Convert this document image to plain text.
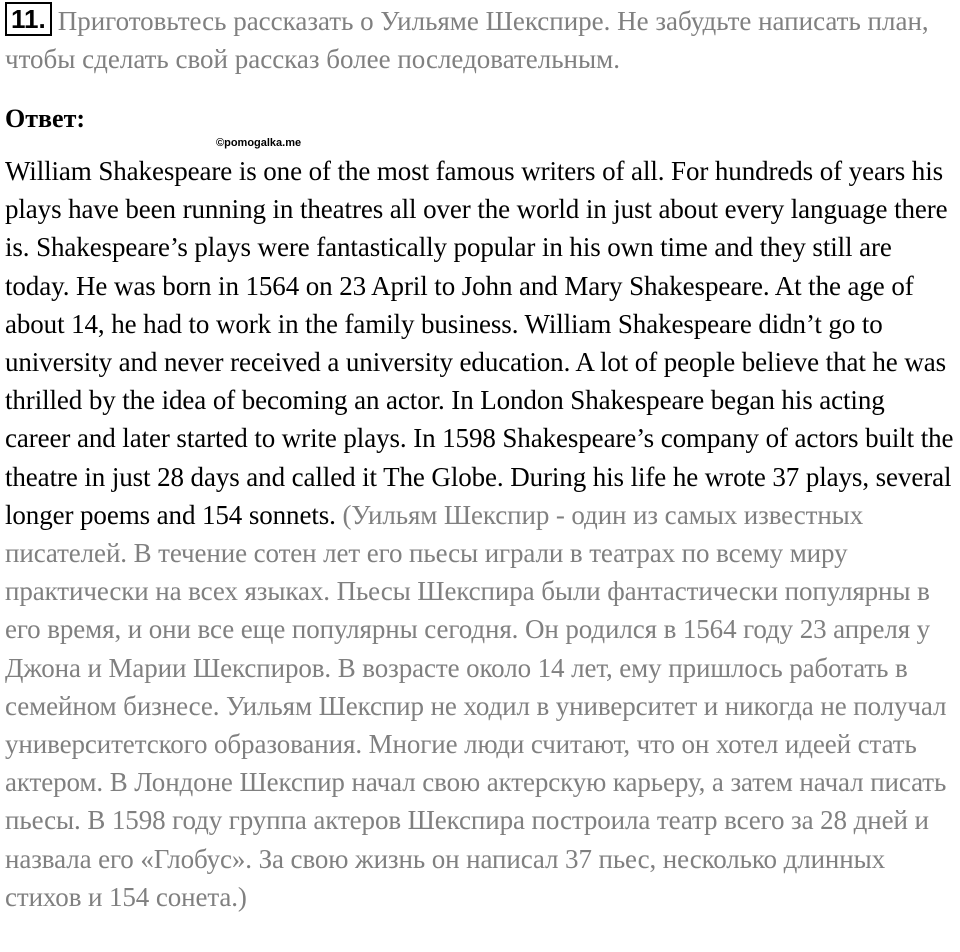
11. Приготовьтесь рассказать о Уильяме Шекспире. Не забудьте написать план, чтобы сделать свой рассказ более последовательным.
Ответ:
©pomogalka.me
William Shakespeare is one of the most famous writers of all. For hundreds of years his plays have been running in theatres all over the world in just about every language there is. Shakespeare’s plays were fantastically popular in his own time and they still are today. He was born in 1564 on 23 April to John and Mary Shakespeare. At the age of about 14, he had to work in the family business. William Shakespeare didn’t go to university and never received a university education. A lot of people believe that he was thrilled by the idea of becoming an actor. In London Shakespeare began his acting career and later started to write plays. In 1598 Shakespeare’s company of actors built the theatre in just 28 days and called it The Globe. During his life he wrote 37 plays, several longer poems and 154 sonnets. (Уильям Шекспир - один из самых известных писателей. В течение сотен лет его пьесы играли в театрах по всему миру практически на всех языках. Пьесы Шекспира были фантастически популярны в его время, и они все еще популярны сегодня. Он родился в 1564 году 23 апреля у Джона и Марии Шекспиров. В возрасте около 14 лет, ему пришлось работать в семейном бизнесе. Уильям Шекспир не ходил в университет и никогда не получал университетского образования. Многие люди считают, что он хотел идеей стать актером. В Лондоне Шекспир начал свою актерскую карьеру, а затем начал писать пьесы. В 1598 году группа актеров Шекспира построила театр всего за 28 дней и назвала его «Глобус». За свою жизнь он написал 37 пьес, несколько длинных стихов и 154 сонета.)
